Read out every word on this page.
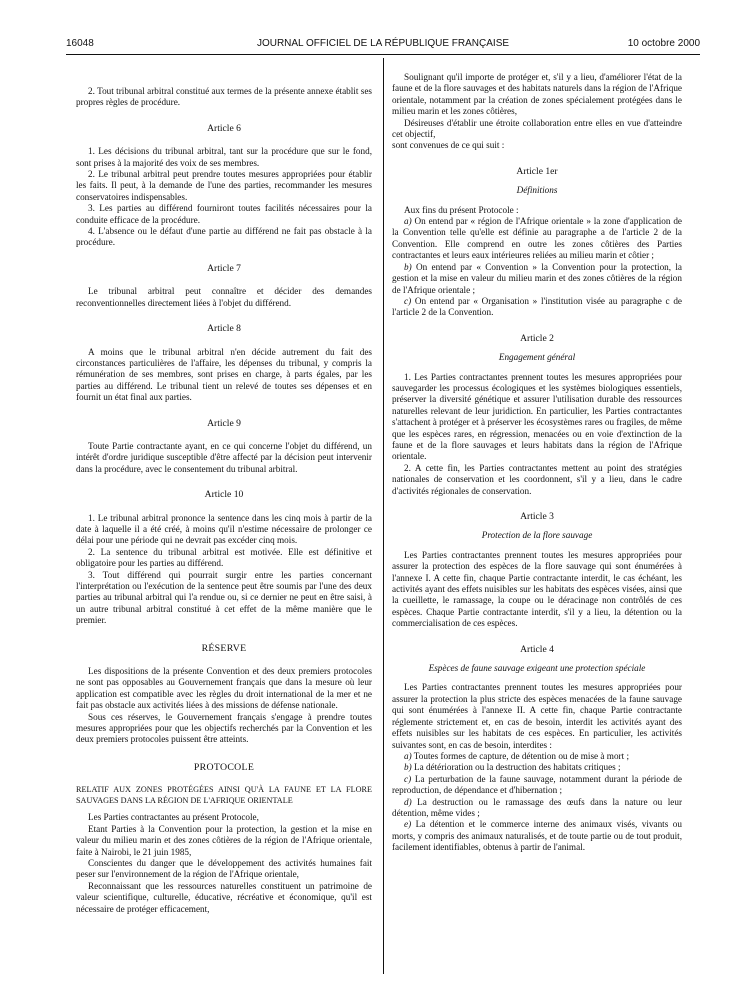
16048	JOURNAL OFFICIEL DE LA RÉPUBLIQUE FRANÇAISE	10 octobre 2000

2. Tout tribunal arbitral constitué aux termes de la présente annexe établit ses propres règles de procédure.

Article 6

1. Les décisions du tribunal arbitral, tant sur la procédure que sur le fond, sont prises à la majorité des voix de ses membres.

2. Le tribunal arbitral peut prendre toutes mesures appropriées pour établir les faits. Il peut, à la demande de l'une des parties, recommander les mesures conservatoires indispensables.

3. Les parties au différend fourniront toutes facilités nécessaires pour la conduite efficace de la procédure.

4. L'absence ou le défaut d'une partie au différend ne fait pas obstacle à la procédure.

Article 7

Le tribunal arbitral peut connaître et décider des demandes reconventionnelles directement liées à l'objet du différend.

Article 8

A moins que le tribunal arbitral n'en décide autrement du fait des circonstances particulières de l'affaire, les dépenses du tribunal, y compris la rémunération de ses membres, sont prises en charge, à parts égales, par les parties au différend. Le tribunal tient un relevé de toutes ses dépenses et en fournit un état final aux parties.

Article 9

Toute Partie contractante ayant, en ce qui concerne l'objet du différend, un intérêt d'ordre juridique susceptible d'être affecté par la décision peut intervenir dans la procédure, avec le consentement du tribunal arbitral.

Article 10

1. Le tribunal arbitral prononce la sentence dans les cinq mois à partir de la date à laquelle il a été créé, à moins qu'il n'estime nécessaire de prolonger ce délai pour une période qui ne devrait pas excéder cinq mois.

2. La sentence du tribunal arbitral est motivée. Elle est définitive et obligatoire pour les parties au différend.

3. Tout différend qui pourrait surgir entre les parties concernant l'interprétation ou l'exécution de la sentence peut être soumis par l'une des deux parties au tribunal arbitral qui l'a rendue ou, si ce dernier ne peut en être saisi, à un autre tribunal arbitral constitué à cet effet de la même manière que le premier.

RÉSERVE

Les dispositions de la présente Convention et des deux premiers protocoles ne sont pas opposables au Gouvernement français que dans la mesure où leur application est compatible avec les règles du droit international de la mer et ne fait pas obstacle aux activités liées à des missions de défense nationale.

Sous ces réserves, le Gouvernement français s'engage à prendre toutes mesures appropriées pour que les objectifs recherchés par la Convention et les deux premiers protocoles puissent être atteints.

PROTOCOLE

RELATIF AUX ZONES PROTÉGÉES AINSI QU'À LA FAUNE ET LA FLORE SAUVAGES DANS LA RÉGION DE L'AFRIQUE ORIENTALE

Les Parties contractantes au présent Protocole,

Etant Parties à la Convention pour la protection, la gestion et la mise en valeur du milieu marin et des zones côtières de la région de l'Afrique orientale, faite à Nairobi, le 21 juin 1985,

Conscientes du danger que le développement des activités humaines fait peser sur l'environnement de la région de l'Afrique orientale,

Reconnaissant que les ressources naturelles constituent un patrimoine de valeur scientifique, culturelle, éducative, récréative et économique, qu'il est nécessaire de protéger efficacement,

Soulignant qu'il importe de protéger et, s'il y a lieu, d'améliorer l'état de la faune et de la flore sauvages et des habitats naturels dans la région de l'Afrique orientale, notamment par la création de zones spécialement protégées dans le milieu marin et les zones côtières,

Désireuses d'établir une étroite collaboration entre elles en vue d'atteindre cet objectif,

sont convenues de ce qui suit :

Article 1er
Définitions

Aux fins du présent Protocole :

a) On entend par « région de l'Afrique orientale » la zone d'application de la Convention telle qu'elle est définie au paragraphe a de l'article 2 de la Convention. Elle comprend en outre les zones côtières des Parties contractantes et leurs eaux intérieures reliées au milieu marin et côtier ;

b) On entend par « Convention » la Convention pour la protection, la gestion et la mise en valeur du milieu marin et des zones côtières de la région de l'Afrique orientale ;

c) On entend par « Organisation » l'institution visée au paragraphe c de l'article 2 de la Convention.

Article 2
Engagement général

1. Les Parties contractantes prennent toutes les mesures appropriées pour sauvegarder les processus écologiques et les systèmes biologiques essentiels, préserver la diversité génétique et assurer l'utilisation durable des ressources naturelles relevant de leur juridiction. En particulier, les Parties contractantes s'attachent à protéger et à préserver les écosystèmes rares ou fragiles, de même que les espèces rares, en régression, menacées ou en voie d'extinction de la faune et de la flore sauvages et leurs habitats dans la région de l'Afrique orientale.

2. A cette fin, les Parties contractantes mettent au point des stratégies nationales de conservation et les coordonnent, s'il y a lieu, dans le cadre d'activités régionales de conservation.

Article 3
Protection de la flore sauvage

Les Parties contractantes prennent toutes les mesures appropriées pour assurer la protection des espèces de la flore sauvage qui sont énumérées à l'annexe I. A cette fin, chaque Partie contractante interdit, le cas échéant, les activités ayant des effets nuisibles sur les habitats des espèces visées, ainsi que la cueillette, le ramassage, la coupe ou le déracinage non contrôlés de ces espèces. Chaque Partie contractante interdit, s'il y a lieu, la détention ou la commercialisation de ces espèces.

Article 4
Espèces de faune sauvage exigeant une protection spéciale

Les Parties contractantes prennent toutes les mesures appropriées pour assurer la protection la plus stricte des espèces menacées de la faune sauvage qui sont énumérées à l'annexe II. A cette fin, chaque Partie contractante réglemente strictement et, en cas de besoin, interdit les activités ayant des effets nuisibles sur les habitats de ces espèces. En particulier, les activités suivantes sont, en cas de besoin, interdites :

a) Toutes formes de capture, de détention ou de mise à mort ;

b) La détérioration ou la destruction des habitats critiques ;

c) La perturbation de la faune sauvage, notamment durant la période de reproduction, de dépendance et d'hibernation ;

d) La destruction ou le ramassage des œufs dans la nature ou leur détention, même vides ;

e) La détention et le commerce interne des animaux visés, vivants ou morts, y compris des animaux naturalisés, et de toute partie ou de tout produit, facilement identifiables, obtenus à partir de l'animal.
